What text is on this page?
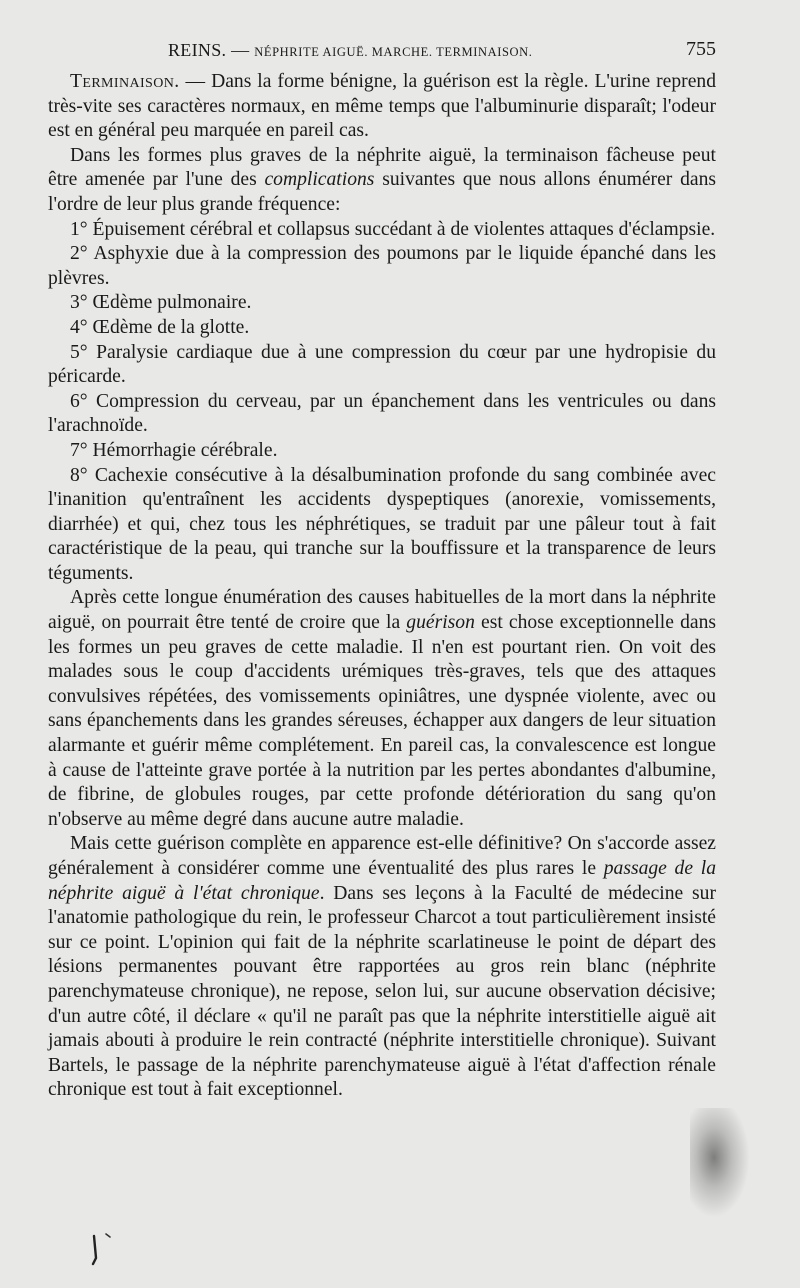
REINS. — NÉPHRITE AIGUË. MARCHE. TERMINAISON.	755

Terminaison. — Dans la forme bénigne, la guérison est la règle. L'urine reprend très-vite ses caractères normaux, en même temps que l'albuminurie disparaît; l'odeur est en général peu marquée en pareil cas.

Dans les formes plus graves de la néphrite aiguë, la terminaison fâcheuse peut être amenée par l'une des complications suivantes que nous allons énumérer dans l'ordre de leur plus grande fréquence:

1° Épuisement cérébral et collapsus succédant à de violentes attaques d'éclampsie.

2° Asphyxie due à la compression des poumons par le liquide épanché dans les plèvres.

3° Œdème pulmonaire.

4° Œdème de la glotte.

5° Paralysie cardiaque due à une compression du cœur par une hydropisie du péricarde.

6° Compression du cerveau, par un épanchement dans les ventricules ou dans l'arachnoïde.

7° Hémorrhagie cérébrale.

8° Cachexie consécutive à la désalbumination profonde du sang combinée avec l'inanition qu'entraînent les accidents dyspeptiques (anorexie, vomissements, diarrhée) et qui, chez tous les néphrétiques, se traduit par une pâleur tout à fait caractéristique de la peau, qui tranche sur la bouffissure et la transparence de leurs téguments.

Après cette longue énumération des causes habituelles de la mort dans la néphrite aiguë, on pourrait être tenté de croire que la guérison est chose exceptionnelle dans les formes un peu graves de cette maladie. Il n'en est pourtant rien. On voit des malades sous le coup d'accidents urémiques très-graves, tels que des attaques convulsives répétées, des vomissements opiniâtres, une dyspnée violente, avec ou sans épanchements dans les grandes séreuses, échapper aux dangers de leur situation alarmante et guérir même complétement. En pareil cas, la convalescence est longue à cause de l'atteinte grave portée à la nutrition par les pertes abondantes d'albumine, de fibrine, de globules rouges, par cette profonde détérioration du sang qu'on n'observe au même degré dans aucune autre maladie.

Mais cette guérison complète en apparence est-elle définitive? On s'accorde assez généralement à considérer comme une éventualité des plus rares le passage de la néphrite aiguë à l'état chronique. Dans ses leçons à la Faculté de médecine sur l'anatomie pathologique du rein, le professeur Charcot a tout particulièrement insisté sur ce point. L'opinion qui fait de la néphrite scarlatineuse le point de départ des lésions permanentes pouvant être rapportées au gros rein blanc (néphrite parenchymateuse chronique), ne repose, selon lui, sur aucune observation décisive; d'un autre côté, il déclare « qu'il ne paraît pas que la néphrite interstitielle aiguë ait jamais abouti à produire le rein contracté (néphrite interstitielle chronique). Suivant Bartels, le passage de la néphrite parenchymateuse aiguë à l'état d'affection rénale chronique est tout à fait exceptionnel.
